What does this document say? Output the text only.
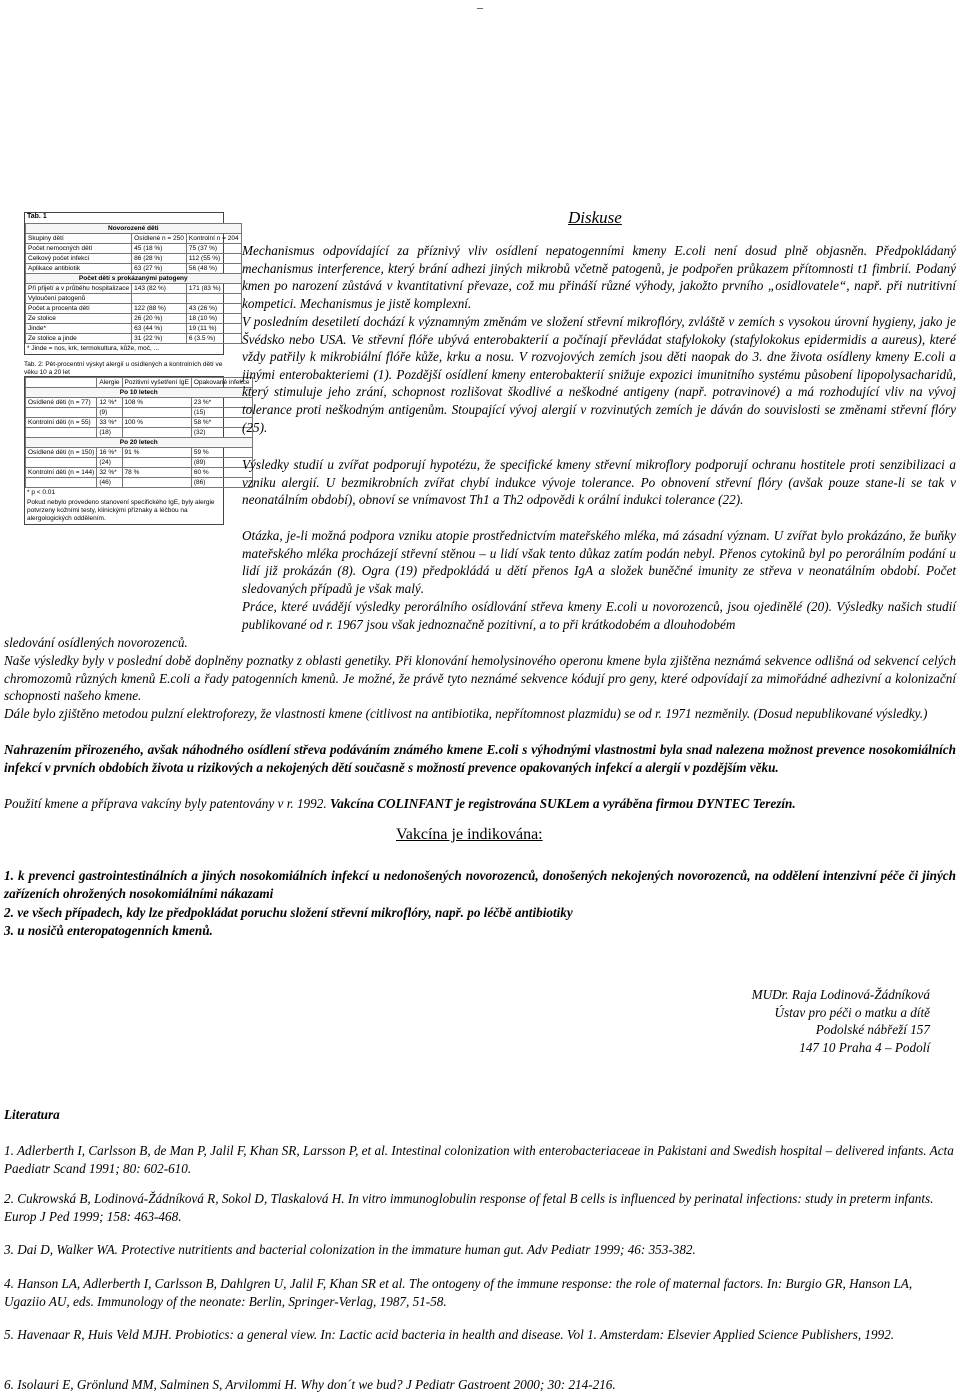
–
Tab. 1
Novorozené děti		
Skupiny dětí	Osídlené n = 250	Kontrolní n = 204
Počet nemocných dětí	45 (18 %)	75 (37 %)
Celkový počet infekcí	86 (28 %)	112 (55 %)
Aplikace antibiotik	63 (27 %)	56 (48 %)
Počet dětí s prokázanými patogeny		
Při přijetí a v průběhu hospitalizace	143 (82 %)	171 (83 %)
Vyloučení patogenů		
Počet a procenta dětí	122 (88 %)	43 (26 %)
Ze stolice	26 (20 %)	18 (10 %)
Jinde*	63 (44 %)	19 (11 %)
Ze stolice a jinde	31 (22 %)	6 (3.5 %)
* Jinde = nos, krk, termokultura, kůže, moč, ...
Tab. 2: Pět-procentní výskyt alergií u osídlených a kontrolních dětí ve věku 10 a 20 let
	Alergie	Pozitivní vyšetření IgE	Opakované infekce
Po 10 letech			
Osídlené děti (n = 77)	12 %*	108 %	23 %*
	(9)		(15)
Kontrolní děti (n = 55)	33 %*	100 %	58 %*
	(18)		(32)
Po 20 letech			
Osídlené děti (n = 150)	16 %*	91 %	59 %
	(24)		(89)
Kontrolní děti (n = 144)	32 %*	78 %	60 %
	(46)		(86)
* p < 0.01
Pokud nebylo provedeno stanovení specifického IgE, byly alergie potvrzeny kožními testy, klinickými příznaky a léčbou na alergologických oddělením.
Diskuse

Mechanismus odpovídající za příznivý vliv osídlení nepatogenními kmeny E.coli není dosud plně objasněn. Předpokládaný mechanismus interference, který brání adhezi jiných mikrobů včetně patogenů, je podpořen průkazem přítomnosti t1 fimbrií. Podaný kmen po narození zůstává v kvantitativní převaze, což mu přináší různé výhody, jakožto prvního „osidlovatele“, např. při nutritivní kompetici. Mechanismus je jistě komplexní.

V posledním desetiletí dochází k významným změnám ve složení střevní mikroflóry, zvláště v zemích s vysokou úrovní hygieny, jako je Švédsko nebo USA. Ve střevní flóře ubývá enterobakterií a počínají převládat stafylokoky (stafylokokus epidermidis a aureus), které vždy patřily k mikrobiální flóře kůže, krku a nosu. V rozvojových zemích jsou děti naopak do 3. dne života osídleny kmeny E.coli a jinými enterobakteriemi (1). Pozdější osídlení kmeny enterobakterií snižuje expozici imunitního systému působení lipopolysacharidů, který stimuluje jeho zrání, schopnost rozlišovat škodlivé a neškodné antigeny (např. potravinové) a má rozhodující vliv na vývoj tolerance proti neškodným antigenům. Stoupající vývoj alergií v rozvinutých zemích je dáván do souvislosti se změnami střevní flóry (25).

Výsledky studií u zvířat podporují hypotézu, že specifické kmeny střevní mikroflory podporují ochranu hostitele proti senzibilizaci a vzniku alergií. U bezmikrobních zvířat chybí indukce vývoje tolerance. Po obnovení střevní flóry (avšak pouze stane-li se tak v neonatálním období), obnoví se vnímavost Th1 a Th2 odpovědi k orální indukci tolerance (22).

Otázka, je-li možná podpora vzniku atopie prostřednictvím mateřského mléka, má zásadní význam. U zvířat bylo prokázáno, že buňky mateřského mléka procházejí střevní stěnou – u lidí však tento důkaz zatím podán nebyl. Přenos cytokinů byl po perorálním podání u lidí již prokázán (8). Ogra (19) předpokládá u dětí přenos IgA a složek buněčné imunity ze střeva v neonatálním období. Počet sledovaných případů je však malý.

Práce, které uvádějí výsledky perorálního osídlování střeva kmeny E.coli u novorozenců, jsou ojedinělé (20). Výsledky našich studií publikované od r. 1967 jsou však jednoznačně pozitivní, a to při krátkodobém a dlouhodobém

sledování osídlených novorozenců.

Naše výsledky byly v poslední době doplněny poznatky z oblasti genetiky. Při klonování hemolysinového operonu kmene byla zjištěna neznámá sekvence odlišná od sekvencí celých chromozomů různých kmenů E.coli a řady patogenních kmenů. Je možné, že právě tyto neznámé sekvence kódují pro geny, které odpovídají za mimořádné adhezivní a kolonizační schopnosti našeho kmene.

Dále bylo zjištěno metodou pulzní elektroforezy, že vlastnosti kmene (citlivost na antibiotika, nepřítomnost plazmidu) se od r. 1971 nezměnily. (Dosud nepublikované výsledky.)

Nahrazením přirozeného, avšak náhodného osídlení střeva podáváním známého kmene E.coli s výhodnými vlastnostmi byla snad nalezena možnost prevence nosokomiálních infekcí v prvních obdobích života u rizikových a nekojených dětí současně s možností prevence opakovaných infekcí a alergií v pozdějším věku.

Použití kmene a příprava vakcíny byly patentovány v r. 1992. Vakcína COLINFANT je registrována SUKLem a vyráběna firmou DYNTEC Terezín.

Vakcína je indikována:

1. k prevenci gastrointestinálních a jiných nosokomiálních infekcí u nedonošených novorozenců, donošených nekojených novorozenců, na oddělení intenzivní péče či jiných zařízeních ohrožených nosokomiálními nákazami

2. ve všech případech, kdy lze předpokládat poruchu složení střevní mikroflóry, např. po léčbě antibiotiky

3. u nosičů enteropatogenních kmenů.

MUDr. Raja Lodinová-Žádníková
Ústav pro péči o matku a dítě
Podolské nábřeží 157
147 10 Praha 4 – Podolí

Literatura

1. Adlerberth I, Carlsson B, de Man P, Jalil F, Khan SR, Larsson P, et al. Intestinal colonization with enterobacteriaceae in Pakistani and Swedish hospital – delivered infants. Acta Paediatr Scand 1991; 80: 602-610.

2. Cukrowská B, Lodinová-Žádníková R, Sokol D, Tlaskalová H. In vitro immunoglobulin response of fetal B cells is influenced by perinatal infections: study in preterm infants. Europ J Ped 1999; 158: 463-468.

3. Dai D, Walker WA. Protective nutritients and bacterial colonization in the immature human gut. Adv Pediatr 1999; 46: 353-382.

4. Hanson LA, Adlerberth I, Carlsson B, Dahlgren U, Jalil F, Khan SR et al. The ontogeny of the immune response: the role of maternal factors. In: Burgio GR, Hanson LA, Ugaziio AU, eds. Immunology of the neonate: Berlin, Springer-Verlag, 1987, 51-58.

5. Havenaar R, Huis Veld MJH. Probiotics: a general view. In: Lactic acid bacteria in health and disease. Vol 1. Amsterdam: Elsevier Applied Science Publishers, 1992.

6. Isolauri E, Grönlund MM, Salminen S, Arvilommi H. Why don´t we bud? J Pediatr Gastroent 2000; 30: 214-216.
